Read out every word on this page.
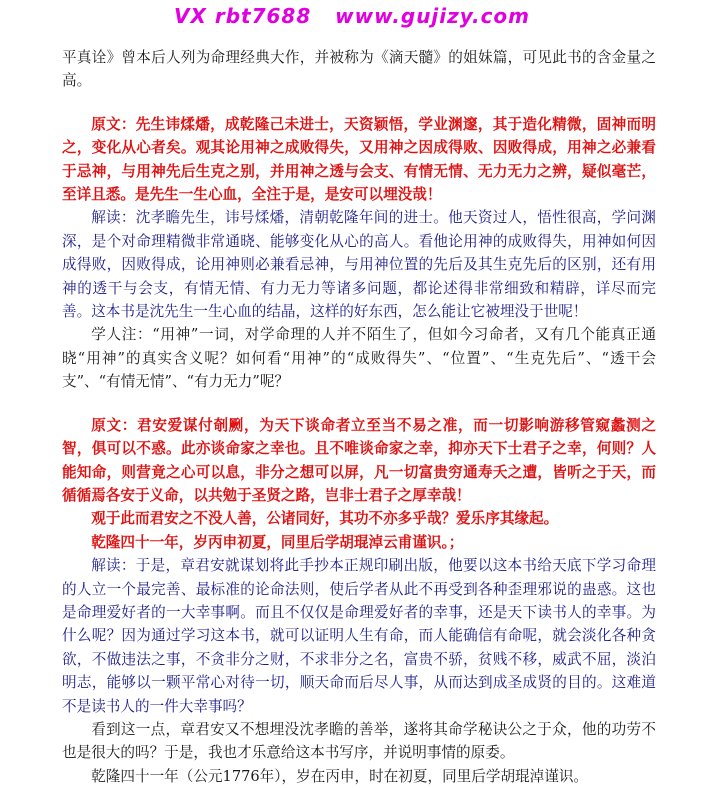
VX rbt7688   www.gujizy.com

平真诠》曾本后人列为命理经典大作，并被称为《滴天髓》的姐妹篇，可见此书的含金量之高。

原文：先生讳煣燔，成乾隆己未进士，天资颖悟，学业渊邃，其于造化精微，固神而明之，变化从心者矣。观其论用神之成败得失，又用神之因成得败、因败得成，用神之必兼看于忌神，与用神先后生克之别，并用神之透与会支、有情无情、无力无力之辨，疑似毫芒，至详且悉。是先生一生心血，全注于是，是安可以埋没哉！

解读：沈孝瞻先生，讳号煣燔，清朝乾隆年间的进士。他天资过人，悟性很高，学问渊深，是个对命理精微非常通晓、能够变化从心的高人。看他论用神的成败得失，用神如何因成得败，因败得成，论用神则必兼看忌神，与用神位置的先后及其生克先后的区别，还有用神的透干与会支，有情无情、有力无力等诸多问题，都论述得非常细致和精辟，详尽而完善。这本书是沈先生一生心血的结晶，这样的好东西，怎么能让它被埋没于世呢！

学人注：“用神”一词，对学命理的人并不陌生了，但如今习命者，又有几个能真正通晓“用神”的真实含义呢？如何看“用神”的“成败得失”、“位置”、“生克先后”、“透干会支”、“有情无情”、“有力无力”呢？

原文：君安爱谋付剞劂，为天下谈命者立至当不易之准，而一切影响游移管窥蠡测之智，俱可以不惑。此亦谈命家之幸也。且不唯谈命家之幸，抑亦天下士君子之幸，何则？人能知命，则营竟之心可以息，非分之想可以屏，凡一切富贵穷通寿夭之遭，皆听之于天，而循循焉各安于义命，以共勉于圣贤之路，岂非士君子之厚幸哉！

观于此而君安之不没人善，公诸同好，其功不亦多乎哉？爱乐序其缘起。

乾隆四十一年，岁丙申初夏，同里后学胡琨淖云甫谨识。；

解读：于是，章君安就谋划将此手抄本正规印刷出版，他要以这本书给天底下学习命理的人立一个最完善、最标准的论命法则，使后学者从此不再受到各种歪理邪说的蛊惑。这也是命理爱好者的一大幸事啊。而且不仅仅是命理爱好者的幸事，还是天下读书人的幸事。为什么呢？因为通过学习这本书，就可以证明人生有命，而人能确信有命呢，就会淡化各种贪欲，不做违法之事，不贪非分之财，不求非分之名，富贵不骄，贫贱不移，威武不屈，淡泊明志，能够以一颗平常心对待一切，顺天命而后尽人事，从而达到成圣成贤的目的。这难道不是读书人的一件大幸事吗？

看到这一点，章君安又不想埋没沈孝瞻的善举，遂将其命学秘诀公之于众，他的功劳不也是很大的吗？于是，我也才乐意给这本书写序，并说明事情的原委。

乾隆四十一年（公元1776年），岁在丙申，时在初夏，同里后学胡琨淖谨识。
